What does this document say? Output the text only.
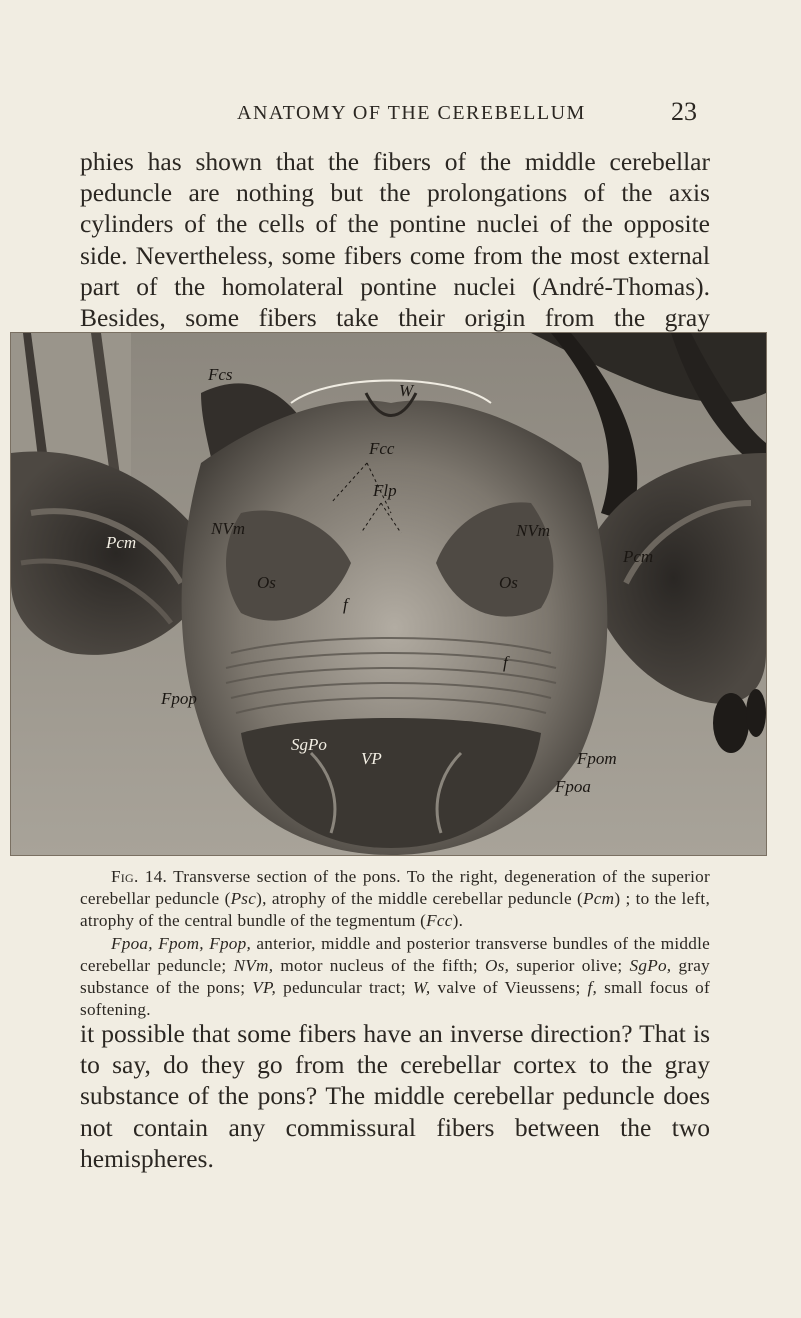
ANATOMY OF THE CEREBELLUM	23

phies has shown that the fibers of the middle cerebellar peduncle are nothing but the prolongations of the axis cylinders of the cells of the pontine nuclei of the opposite side. Nevertheless, some fibers come from the most external part of the homolateral pontine nuclei (André-Thomas). Besides, some fibers take their origin from the gray

Fcs
W
Fcc
Flp
NVm	NVm
Pcm
Pcm
Os	Os
f
f
Fpop
SgPo
VP	Fpom
Fpoa

Fig. 14. Transverse section of the pons. To the right, degeneration of the superior cerebellar peduncle (Psc), atrophy of the middle cerebellar peduncle (Pcm) ; to the left, atrophy of the central bundle of the tegmentum (Fcc).

Fpoa, Fpom, Fpop, anterior, middle and posterior transverse bundles of the middle cerebellar peduncle; NVm, motor nucleus of the fifth; Os, superior olive; SgPo, gray substance of the pons; VP, peduncular tract; W, valve of Vieussens; f, small focus of softening.

it possible that some fibers have an inverse direction? That is to say, do they go from the cerebellar cortex to the gray substance of the pons? The middle cerebellar peduncle does not contain any commissural fibers between the two hemispheres.
